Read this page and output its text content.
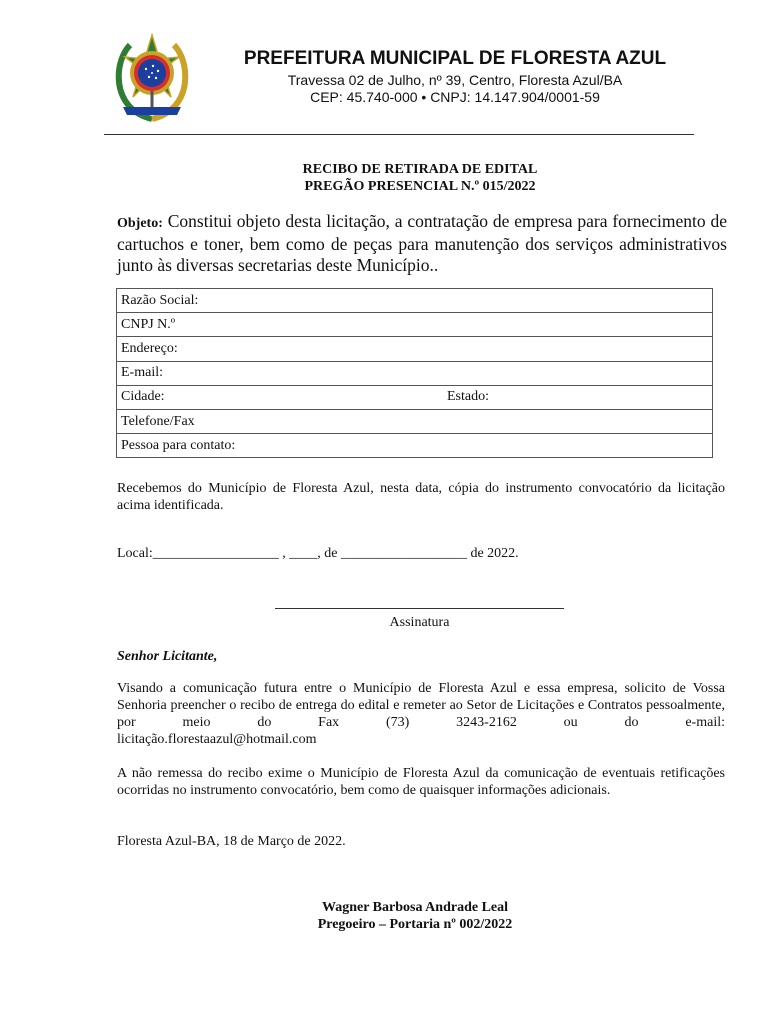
PREFEITURA MUNICIPAL DE FLORESTA AZUL
Travessa 02 de Julho, nº 39, Centro, Floresta Azul/BA
CEP: 45.740-000 • CNPJ: 14.147.904/0001-59
RECIBO DE RETIRADA DE EDITAL
PREGÃO PRESENCIAL N.º 015/2022
Objeto: Constitui objeto desta licitação, a contratação de empresa para fornecimento de cartuchos e toner, bem como de peças para manutenção dos serviços administrativos junto às diversas secretarias deste Município..
Razão Social:
CNPJ N.º
Endereço:
E-mail:
Cidade:	Estado:

Telefone/Fax
Pessoa para contato:
Recebemos do Município de Floresta Azul, nesta data, cópia do instrumento convocatório da licitação acima identificada.
Local:__________________ , ____, de __________________ de 2022.
Assinatura
Senhor Licitante,
Visando a comunicação futura entre o Município de Floresta Azul e essa empresa, solicito de Vossa Senhoria preencher o recibo de entrega do edital e remeter ao Setor de Licitações e Contratos pessoalmente, por meio do Fax (73) 3243-2162 ou do e-mail:
licitação.florestaazul@hotmail.com
A não remessa do recibo exime o Município de Floresta Azul da comunicação de eventuais retificações ocorridas no instrumento convocatório, bem como de quaisquer informações adicionais.
Floresta Azul-BA, 18 de Março de 2022.
Wagner Barbosa Andrade Leal
Pregoeiro – Portaria nº 002/2022
